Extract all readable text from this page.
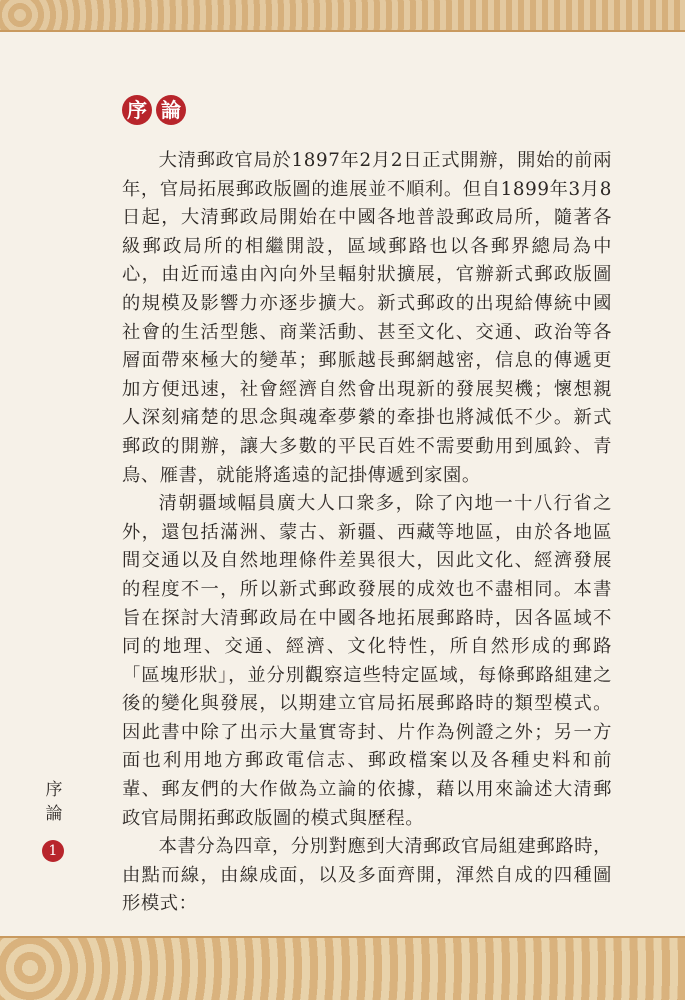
序 論

大清郵政官局於1897年2月2日正式開辦，開始的前兩年，官局拓展郵政版圖的進展並不順利。但自1899年3月8日起，大清郵政局開始在中國各地普設郵政局所，隨著各級郵政局所的相繼開設，區域郵路也以各郵界總局為中心，由近而遠由內向外呈輻射狀擴展，官辦新式郵政版圖的規模及影響力亦逐步擴大。新式郵政的出現給傳統中國社會的生活型態、商業活動、甚至文化、交通、政治等各層面帶來極大的變革；郵脈越長郵網越密，信息的傳遞更加方便迅速，社會經濟自然會出現新的發展契機；懷想親人深刻痛楚的思念與魂牽夢縈的牽掛也將減低不少。新式郵政的開辦，讓大多數的平民百姓不需要動用到風鈴、青鳥、雁書，就能將遙遠的記掛傳遞到家園。

清朝疆域幅員廣大人口衆多，除了內地一十八行省之外，還包括滿洲、蒙古、新疆、西藏等地區，由於各地區間交通以及自然地理條件差異很大，因此文化、經濟發展的程度不一，所以新式郵政發展的成效也不盡相同。本書旨在探討大清郵政局在中國各地拓展郵路時，因各區域不同的地理、交通、經濟、文化特性，所自然形成的郵路「區塊形狀」，並分別觀察這些特定區域，每條郵路組建之後的變化與發展，以期建立官局拓展郵路時的類型模式。因此書中除了出示大量實寄封、片作為例證之外；另一方面也利用地方郵政電信志、郵政檔案以及各種史料和前輩、郵友們的大作做為立論的依據，藉以用來論述大清郵政官局開拓郵政版圖的模式與歷程。

本書分為四章，分別對應到大清郵政官局組建郵路時，由點而線，由線成面，以及多面齊開，渾然自成的四種圖形模式：

序
論
1
